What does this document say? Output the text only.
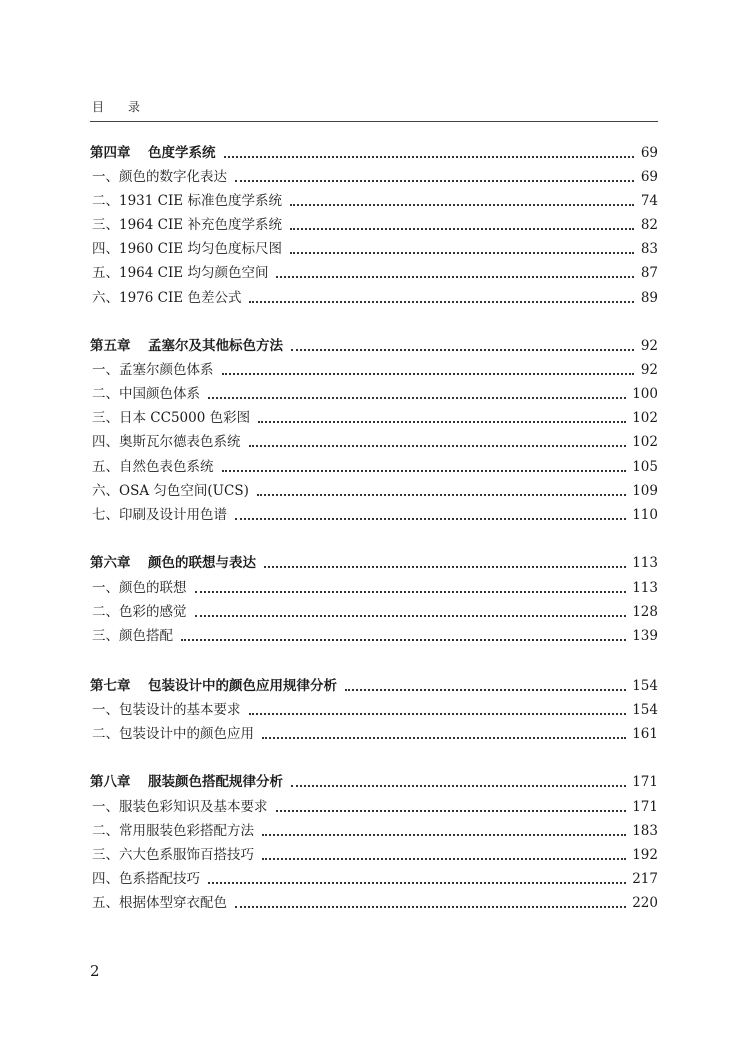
目 录
第四章	色度学系统	69
一、颜色的数字化表达	69
二、1931 CIE 标准色度学系统	74
三、1964 CIE 补充色度学系统	82
四、1960 CIE 均匀色度标尺图	83
五、1964 CIE 均匀颜色空间	87
六、1976 CIE 色差公式	89
第五章	孟塞尔及其他标色方法	92
一、孟塞尔颜色体系	92
二、中国颜色体系	100
三、日本 CC5000 色彩图	102
四、奥斯瓦尔德表色系统	102
五、自然色表色系统	105
六、OSA 匀色空间(UCS)	109
七、印刷及设计用色谱	110
第六章	颜色的联想与表达	113
一、颜色的联想	113
二、色彩的感觉	128
三、颜色搭配	139
第七章	包装设计中的颜色应用规律分析	154
一、包装设计的基本要求	154
二、包装设计中的颜色应用	161
第八章	服装颜色搭配规律分析	171
一、服装色彩知识及基本要求	171
二、常用服装色彩搭配方法	183
三、六大色系服饰百搭技巧	192
四、色系搭配技巧	217
五、根据体型穿衣配色	220
2
